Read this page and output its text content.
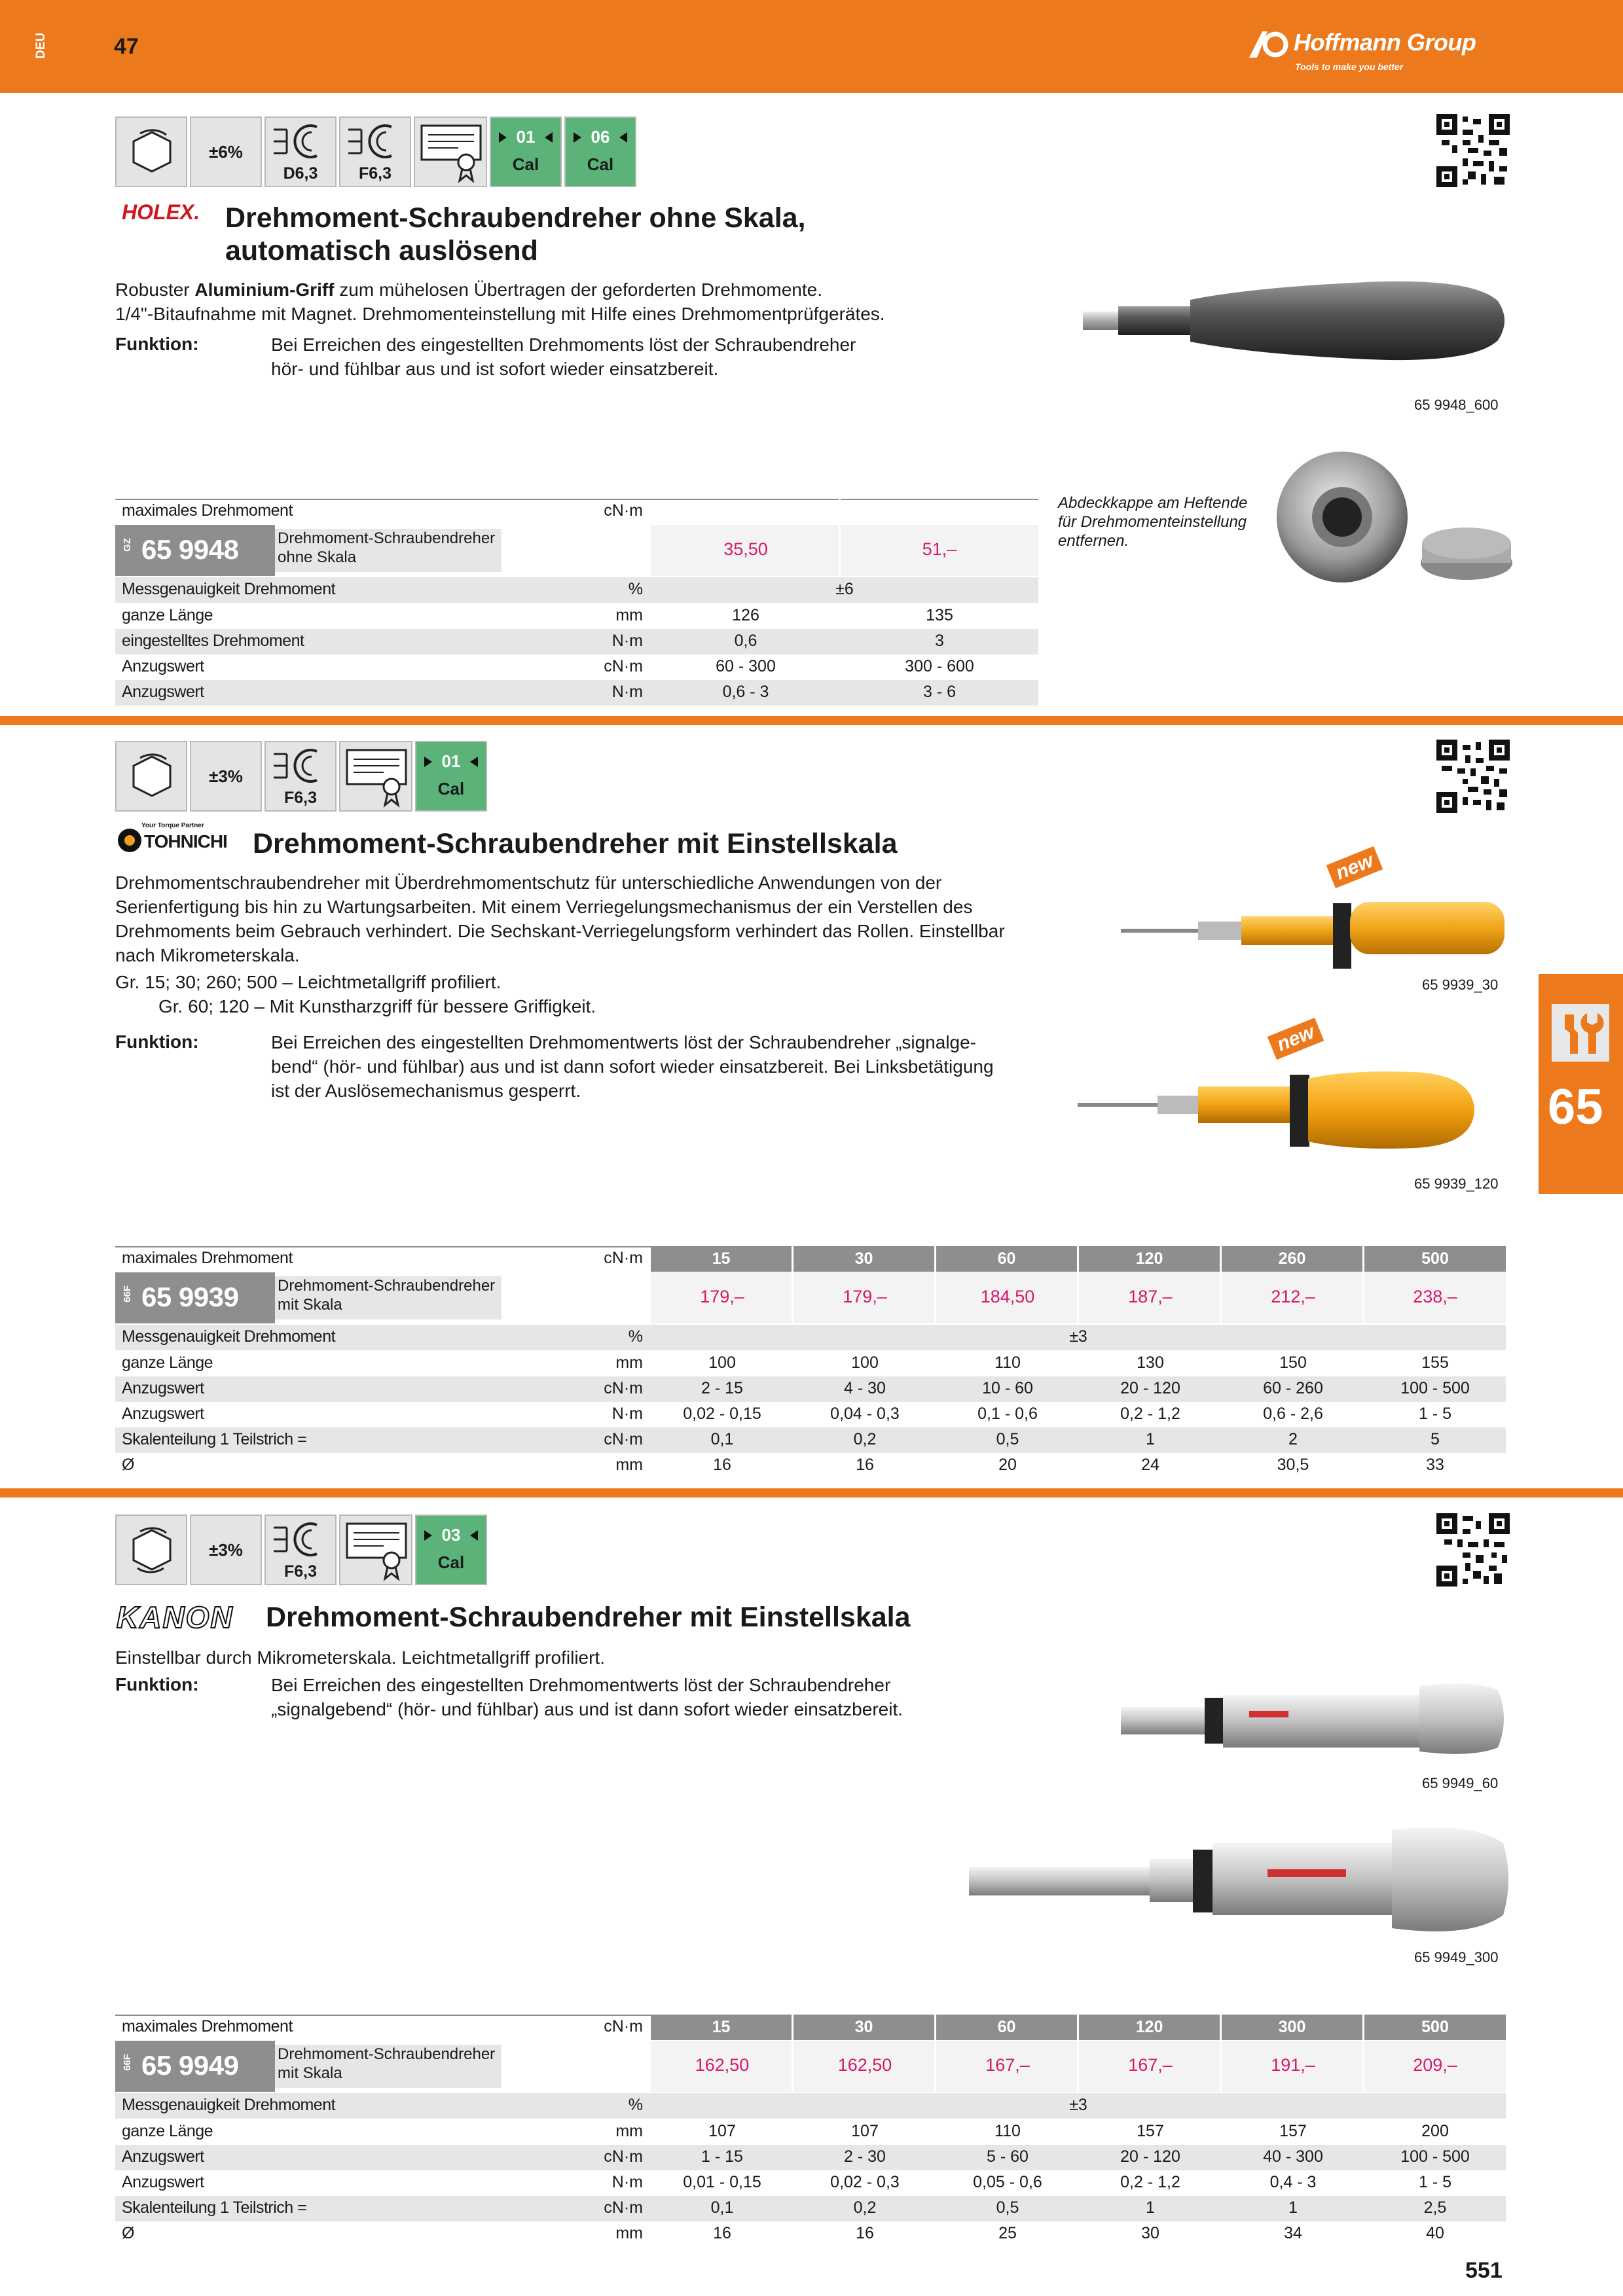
DEU	47	Hoffmann Group
Tools to make you better
±6%
D6,3	F6,3
01
Cal
06
Cal
HOLEX. Drehmoment-Schraubendreher ohne Skala,
automatisch auslösend
Robuster Aluminium-Griff zum mühelosen Übertragen der geforderten Drehmomente.
1/4"-Bitaufnahme mit Magnet. Drehmomenteinstellung mit Hilfe eines Drehmomentprüfgerätes.
Funktion:	Bei Erreichen des eingestellten Drehmoments löst der Schraubendreher
hör- und fühlbar aus und ist sofort wieder einsatzbereit.
65 9948_600
maximales Drehmoment	cN·m	300	600
GZ 65 9948 Drehmoment-Schraubendreher
ohne Skala	35,50	51,–
Messgenauigkeit Drehmoment	%	±6
ganze Länge	mm	126	135
eingestelltes Drehmoment	N·m	0,6	3
Anzugswert	cN·m	60 - 300	300 - 600
Anzugswert	N·m	0,6 - 3	3 - 6
Abdeckkappe am Heftende
für Drehmomenteinstellung
entfernen.
±3%
F6,3
01
Cal
Your Torque Partner
TOHNICHI Drehmoment-Schraubendreher mit Einstellskala
Drehmomentschraubendreher mit Überdrehmomentschutz für unterschiedliche Anwendungen von der
Serienfertigung bis hin zu Wartungsarbeiten. Mit einem Verriegelungsmechanismus der ein Verstellen des
Drehmoments beim Gebrauch verhindert. Die Sechskant-Verriegelungsform verhindert das Rollen. Einstellbar
nach Mikrometerskala.
Gr. 15; 30; 260; 500 – Leichtmetallgriff profiliert.
Gr. 60; 120 – Mit Kunstharzgriff für bessere Griffigkeit.
Funktion:	Bei Erreichen des eingestellten Drehmomentwerts löst der Schraubendreher „signalge-
bend“ (hör- und fühlbar) aus und ist dann sofort wieder einsatzbereit. Bei Linksbetätigung
ist der Auslösemechanismus gesperrt.
new
65 9939_30
new
65 9939_120
maximales Drehmoment	cN·m	15	30	60	120	260	500
66F 65 9939 Drehmoment-Schraubendreher
mit Skala	179,–	179,–	184,50	187,–	212,–	238,–
Messgenauigkeit Drehmoment	%	±3
ganze Länge	mm	100	100	110	130	150	155
Anzugswert	cN·m	2 - 15	4 - 30	10 - 60	20 - 120	60 - 260	100 - 500
Anzugswert	N·m	0,02 - 0,15	0,04 - 0,3	0,1 - 0,6	0,2 - 1,2	0,6 - 2,6	1 - 5
Skalenteilung 1 Teilstrich =	cN·m	0,1	0,2	0,5	1	2	5
Ø	mm	16	16	20	24	30,5	33
±3%
F6,3
03
Cal
KANON Drehmoment-Schraubendreher mit Einstellskala
Einstellbar durch Mikrometerskala. Leichtmetallgriff profiliert.
Funktion:	Bei Erreichen des eingestellten Drehmomentwerts löst der Schraubendreher
„signalgebend“ (hör- und fühlbar) aus und ist dann sofort wieder einsatzbereit.
65 9949_60
65 9949_300
maximales Drehmoment	cN·m	15	30	60	120	300	500
66F 65 9949 Drehmoment-Schraubendreher
mit Skala	162,50	162,50	167,–	167,–	191,–	209,–
Messgenauigkeit Drehmoment	%	±3
ganze Länge	mm	107	107	110	157	157	200
Anzugswert	cN·m	1 - 15	2 - 30	5 - 60	20 - 120	40 - 300	100 - 500
Anzugswert	N·m	0,01 - 0,15	0,02 - 0,3	0,05 - 0,6	0,2 - 1,2	0,4 - 3	1 - 5
Skalenteilung 1 Teilstrich =	cN·m	0,1	0,2	0,5	1	1	2,5
Ø	mm	16	16	25	30	34	40
65
551
